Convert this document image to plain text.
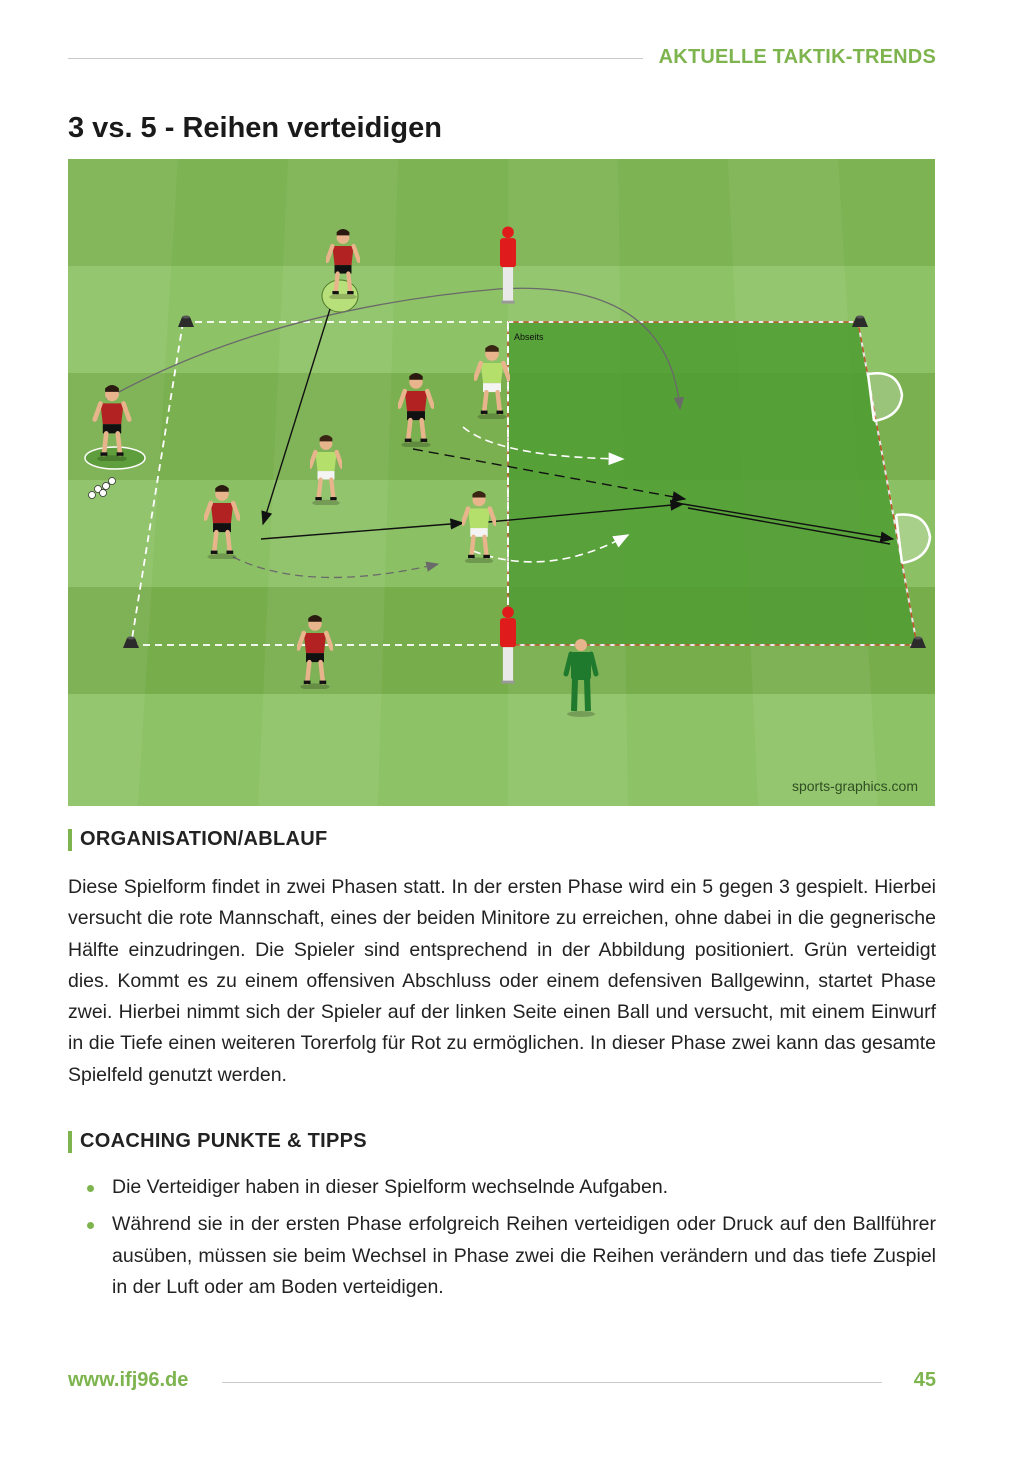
AKTUELLE TAKTIK-TRENDS
3 vs. 5 - Reihen verteidigen
Abseits
sports-graphics.com
ORGANISATION/ABLAUF

Diese Spielform findet in zwei Phasen statt. In der ersten Phase wird ein 5 gegen 3 gespielt. Hierbei versucht die rote Mannschaft, eines der beiden Minitore zu erreichen, ohne dabei in die gegnerische Hälfte einzudringen. Die Spieler sind entsprechend in der Abbildung positioniert. Grün verteidigt dies. Kommt es zu einem offensiven Abschluss oder einem defensiven Ballgewinn, startet Phase zwei. Hierbei nimmt sich der Spieler auf der linken Seite einen Ball und versucht, mit einem Einwurf in die Tiefe einen weiteren Torerfolg für Rot zu ermöglichen. In dieser Phase zwei kann das gesamte Spielfeld genutzt werden.

COACHING PUNKTE & TIPPS
Die Verteidiger haben in dieser Spielform wechselnde Aufgaben.
Während sie in der ersten Phase erfolgreich Reihen verteidigen oder Druck auf den Ballführer ausüben, müssen sie beim Wechsel in Phase zwei die Reihen verändern und das tiefe Zuspiel in der Luft oder am Boden verteidigen.
www.ifj96.de	45
